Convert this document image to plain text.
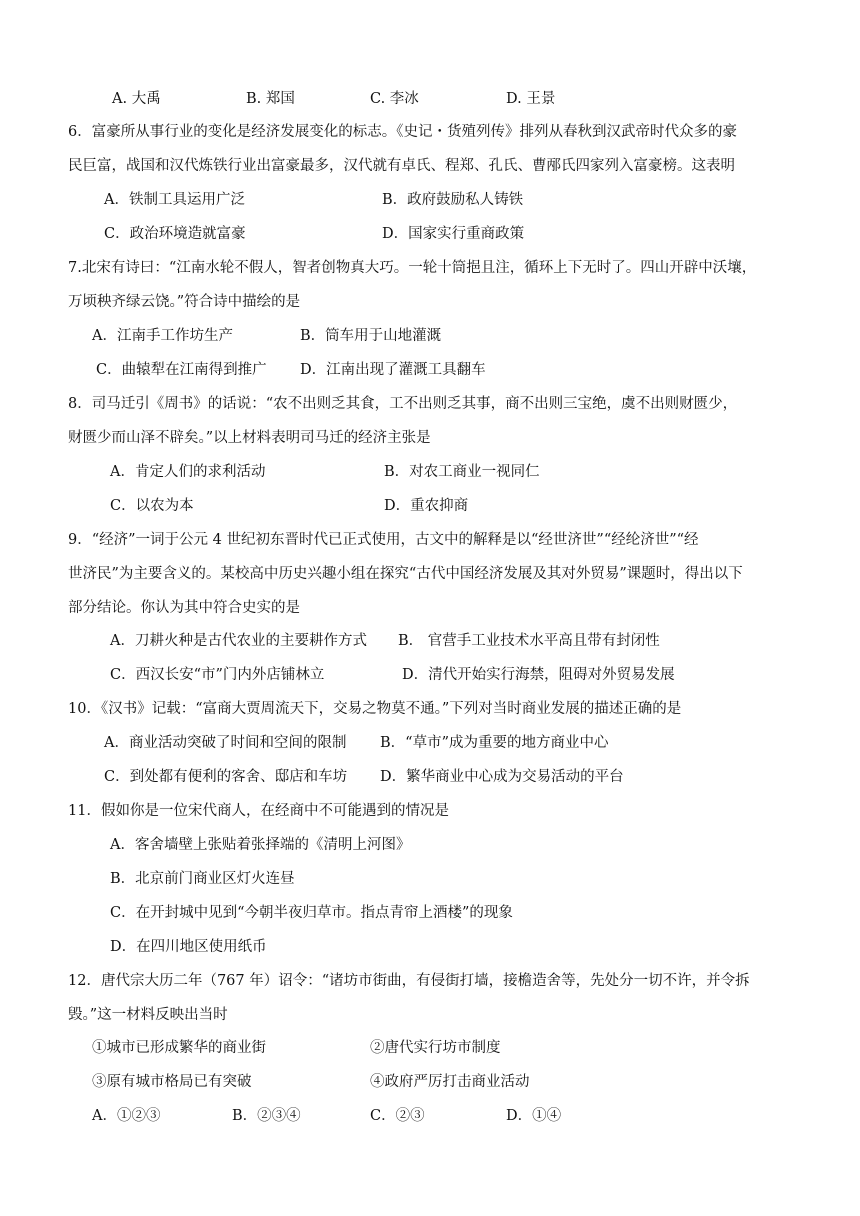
A. 大禹	B. 郑国	C. 李冰	D. 王景
6．富豪所从事行业的变化是经济发展变化的标志。《史记・货殖列传》排列从春秋到汉武帝时代众多的豪
民巨富，战国和汉代炼铁行业出富豪最多，汉代就有卓氏、程郑、孔氏、曹邴氏四家列入富豪榜。这表明
A．铁制工具运用广泛	B．政府鼓励私人铸铁
C．政治环境造就富豪	D．国家实行重商政策
7.北宋有诗曰：“江南水轮不假人，智者创物真大巧。一轮十筒挹且注，循环上下无时了。四山开辟中沃壤，
万顷秧齐绿云饶。”符合诗中描绘的是
A．江南手工作坊生产	B．筒车用于山地灌溉
C．曲辕犁在江南得到推广 D．江南出现了灌溉工具翻车
8．司马迁引《周书》的话说：“农不出则乏其食，工不出则乏其事，商不出则三宝绝，虞不出则财匮少，
财匮少而山泽不辟矣。”以上材料表明司马迁的经济主张是
A．肯定人们的求利活动	B．对农工商业一视同仁
C．以农为本	D．重农抑商
9．“经济”一词于公元 4 世纪初东晋时代已正式使用，古文中的解释是以“经世济世”“经纶济世”“经
世济民”为主要含义的。某校高中历史兴趣小组在探究“古代中国经济发展及其对外贸易”课题时，得出以下
部分结论。你认为其中符合史实的是
A．刀耕火种是古代农业的主要耕作方式 B． 官营手工业技术水平高且带有封闭性
C．西汉长安“市”门内外店铺林立	D．清代开始实行海禁，阻碍对外贸易发展
10．《汉书》记载：“富商大贾周流天下，交易之物莫不通。”下列对当时商业发展的描述正确的是
A．商业活动突破了时间和空间的限制 B．“草市”成为重要的地方商业中心
C．到处都有便利的客舍、邸店和车坊 D．繁华商业中心成为交易活动的平台
11．假如你是一位宋代商人，在经商中不可能遇到的情况是
A．客舍墙壁上张贴着张择端的《清明上河图》
B．北京前门商业区灯火连昼
C．在开封城中见到“今朝半夜归草市。指点青帘上酒楼”的现象
D．在四川地区使用纸币
12．唐代宗大历二年（767 年）诏令：“诸坊市街曲，有侵街打墙，接檐造舍等，先处分一切不许，并令拆
毁。”这一材料反映出当时
①城市已形成繁华的商业街	②唐代实行坊市制度
③原有城市格局已有突破	④政府严厉打击商业活动
A．①②③	B．②③④	C．②③	D．①④
